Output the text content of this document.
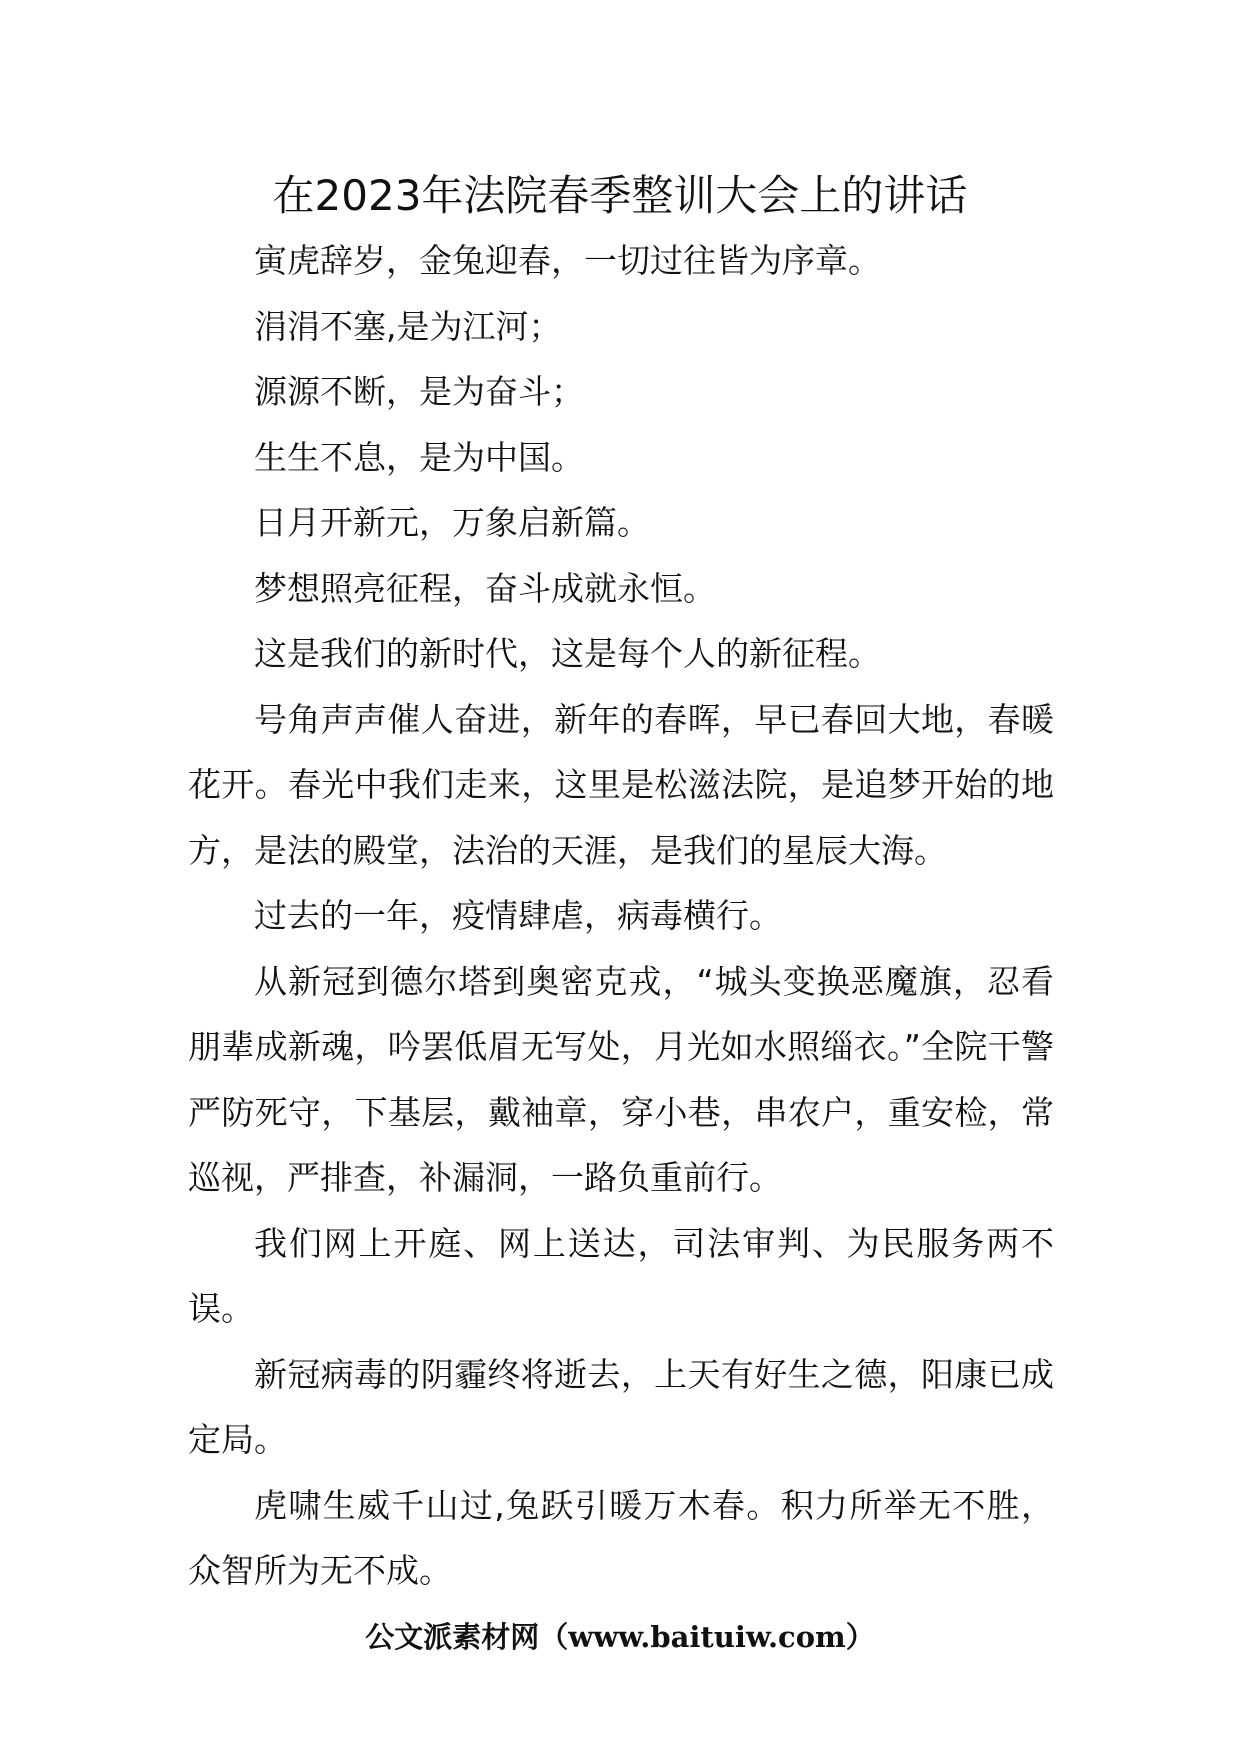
在2023年法院春季整训大会上的讲话

寅虎辞岁，金兔迎春，一切过往皆为序章。

涓涓不塞,是为江河；

源源不断，是为奋斗；

生生不息，是为中国。

日月开新元，万象启新篇。

梦想照亮征程，奋斗成就永恒。

这是我们的新时代，这是每个人的新征程。

号角声声催人奋进，新年的春晖，早已春回大地，春暖花开。春光中我们走来，这里是松滋法院，是追梦开始的地方，是法的殿堂，法治的天涯，是我们的星辰大海。

过去的一年，疫情肆虐，病毒横行。

从新冠到德尔塔到奥密克戎，“城头变换恶魔旗，忍看朋辈成新魂，吟罢低眉无写处，月光如水照缁衣。”全院干警严防死守，下基层，戴袖章，穿小巷，串农户，重安检，常巡视，严排查，补漏洞，一路负重前行。

我们网上开庭、网上送达，司法审判、为民服务两不误。

新冠病毒的阴霾终将逝去，上天有好生之德，阳康已成定局。

虎啸生威千山过,兔跃引暖万木春。积力所举无不胜，众智所为无不成。

公文派素材网（www.baituiw.com）
